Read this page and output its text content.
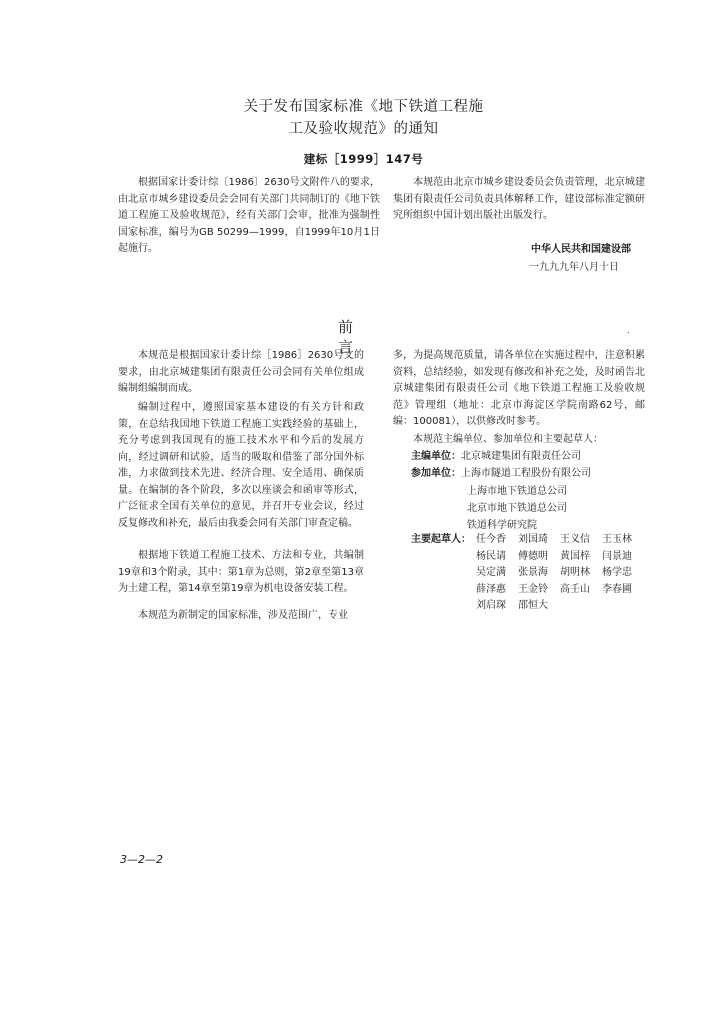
关于发布国家标准《地下铁道工程施
工及验收规范》的通知
建标［1999］147号

根据国家计委计综〔1986〕2630号文附件八的要求，由北京市城乡建设委员会会同有关部门共同制订的《地下铁道工程施工及验收规范》，经有关部门会审，批准为强制性国家标准，编号为GB 50299—1999，自1999年10月1日起施行。

本规范由北京市城乡建设委员会负责管理，北京城建集团有限责任公司负责具体解释工作，建设部标准定额研究所组织中国计划出版社出版发行。

中华人民共和国建设部
一九九九年八月十日
前言
.

本规范是根据国家计委计综［1986］2630号文的要求，由北京城建集团有限责任公司会同有关单位组成编制组编制而成。

编制过程中，遵照国家基本建设的有关方针和政策，在总结我国地下铁道工程施工实践经验的基础上，充分考虑到我国现有的施工技术水平和今后的发展方向，经过调研和试验，适当的吸取和借鉴了部分国外标准，力求做到技术先进、经济合理、安全适用、确保质量。在编制的各个阶段，多次以座谈会和函审等形式，广泛征求全国有关单位的意见，并召开专业会议，经过反复修改和补充，最后由我委会同有关部门审查定稿。

根据地下铁道工程施工技术、方法和专业，共编制19章和3个附录，其中：第1章为总则，第2章至第13章为土建工程，第14章至第19章为机电设备安装工程。

本规范为新制定的国家标准，涉及范围广，专业

多，为提高规范质量，请各单位在实施过程中，注意积累资料，总结经验，如发现有修改和补充之处，及时函告北京城建集团有限责任公司《地下铁道工程施工及验收规范》管理组（地址：北京市海淀区学院南路62号，邮编：100081），以供修改时参考。

本规范主编单位、参加单位和主要起草人：

主编单位：北京城建集团有限责任公司
参加单位：上海市隧道工程股份有限公司
上海市地下铁道总公司
北京市地下铁道总公司
铁道科学研究院
主要起草人： 任今香	刘国琦	王义信	王玉林
杨民请	傅德明	黄国梓	闫景迪
吴定满	张景海	胡明林	杨学忠
薛泽惠	王金铃	高壬山	李春圃
刘启琛	邵恒大
3—2—2
